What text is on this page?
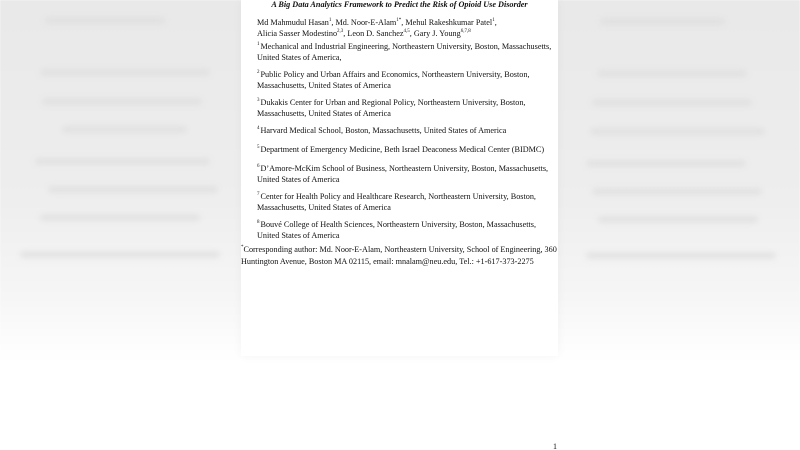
A Big Data Analytics Framework to Predict the Risk of Opioid Use Disorder
Md Mahmudul Hasan$^1$, Md. Noor-E-Alam$^{1*}$, Mehul Rakeshkumar Patel$^1$, Alicia Sasser Modestino$^{2,3}$, Leon D. Sanchez$^{4,5}$, Gary J. Young$^{6,7,8}$
$^1$Mechanical and Industrial Engineering, Northeastern University, Boston, Massachusetts, United States of America,
$^2$Public Policy and Urban Affairs and Economics, Northeastern University, Boston, Massachusetts, United States of America
$^3$Dukakis Center for Urban and Regional Policy, Northeastern University, Boston, Massachusetts, United States of America
$^4$Harvard Medical School, Boston, Massachusetts, United States of America
$^5$Department of Emergency Medicine, Beth Israel Deaconess Medical Center (BIDMC)
$^6$D’Amore-McKim School of Business, Northeastern University, Boston, Massachusetts, United States of America
$^7$Center for Health Policy and Healthcare Research, Northeastern University, Boston, Massachusetts, United States of America
$^8$Bouvé College of Health Sciences, Northeastern University, Boston, Massachusetts, United States of America
*Corresponding author: Md. Noor-E-Alam, Northeastern University, School of Engineering, 360 Huntington Avenue, Boston MA 02115, email: mnalam@neu.edu, Tel.: +1-617-373-2275
1
